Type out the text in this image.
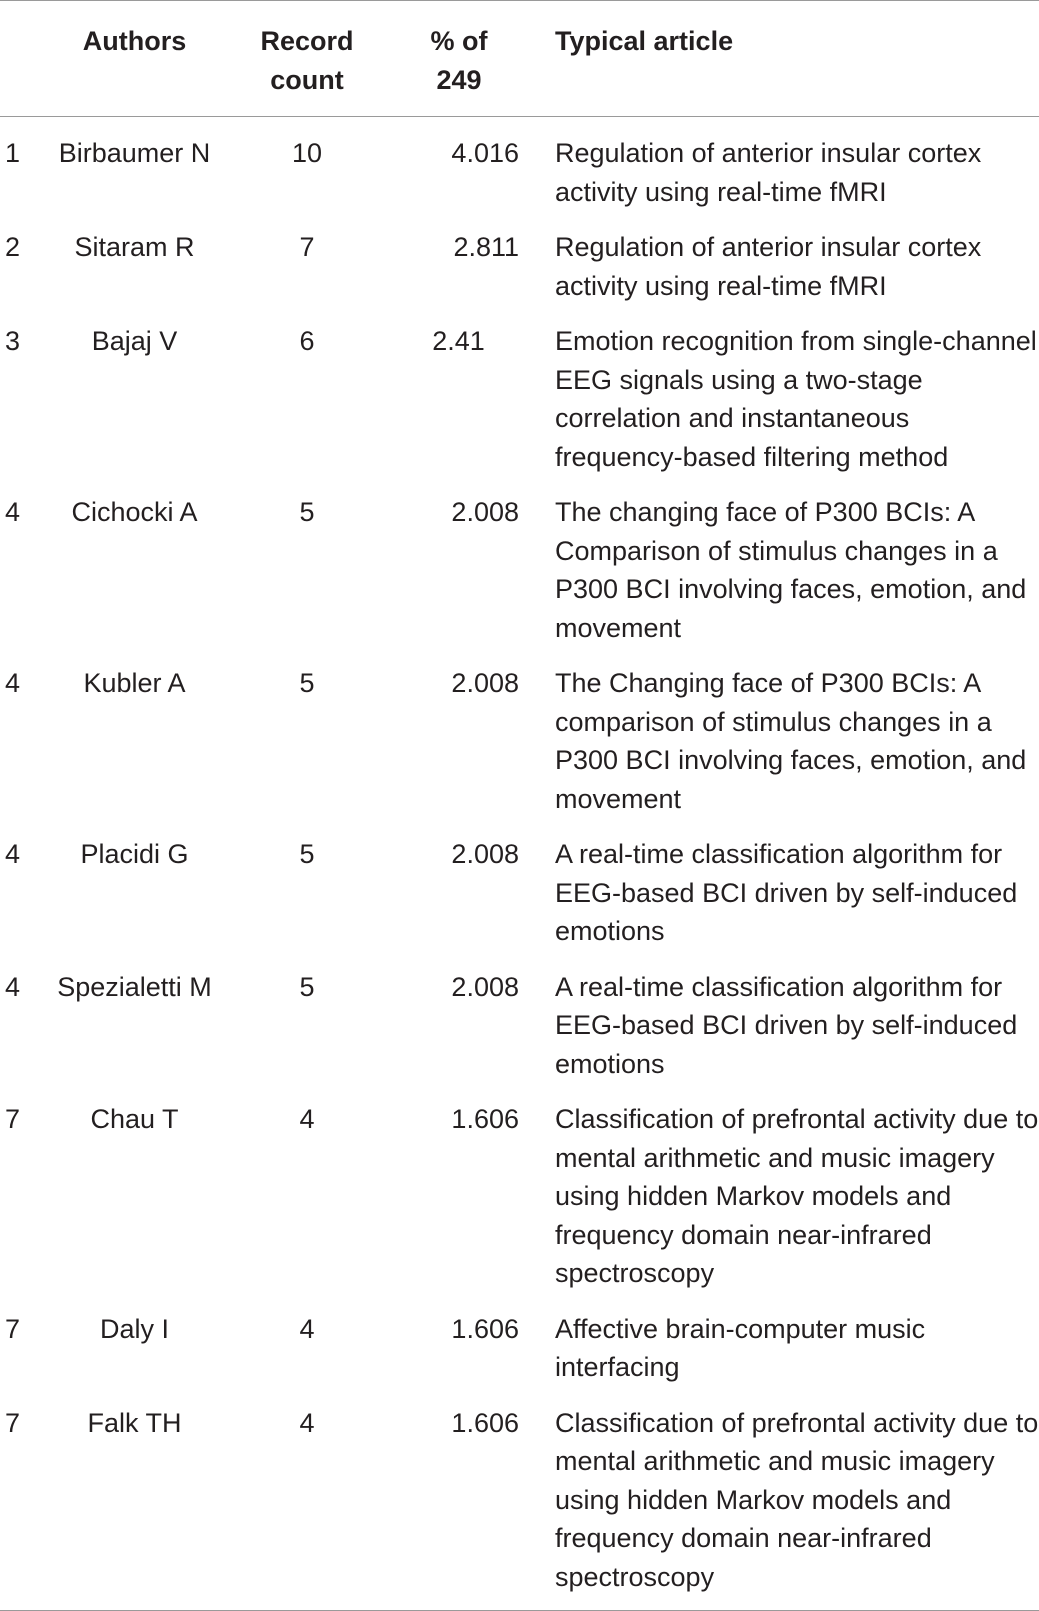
	Authors	Record count	% of 249	Typical article
1	Birbaumer N	10	4.016	Regulation of anterior insular cortex activity using real-time fMRI
2	Sitaram R	7	2.811	Regulation of anterior insular cortex activity using real-time fMRI
3	Bajaj V	6	2.41	Emotion recognition from single-channel EEG signals using a two-stage correlation and instantaneous frequency-based filtering method
4	Cichocki A	5	2.008	The changing face of P300 BCIs: A Comparison of stimulus changes in a P300 BCI involving faces, emotion, and movement
4	Kubler A	5	2.008	The Changing face of P300 BCIs: A comparison of stimulus changes in a P300 BCI involving faces, emotion, and movement
4	Placidi G	5	2.008	A real-time classification algorithm for EEG-based BCI driven by self-induced emotions
4	Spezialetti M	5	2.008	A real-time classification algorithm for EEG-based BCI driven by self-induced emotions
7	Chau T	4	1.606	Classification of prefrontal activity due to mental arithmetic and music imagery using hidden Markov models and frequency domain near-infrared spectroscopy
7	Daly I	4	1.606	Affective brain-computer music interfacing
7	Falk TH	4	1.606	Classification of prefrontal activity due to mental arithmetic and music imagery using hidden Markov models and frequency domain near-infrared spectroscopy
